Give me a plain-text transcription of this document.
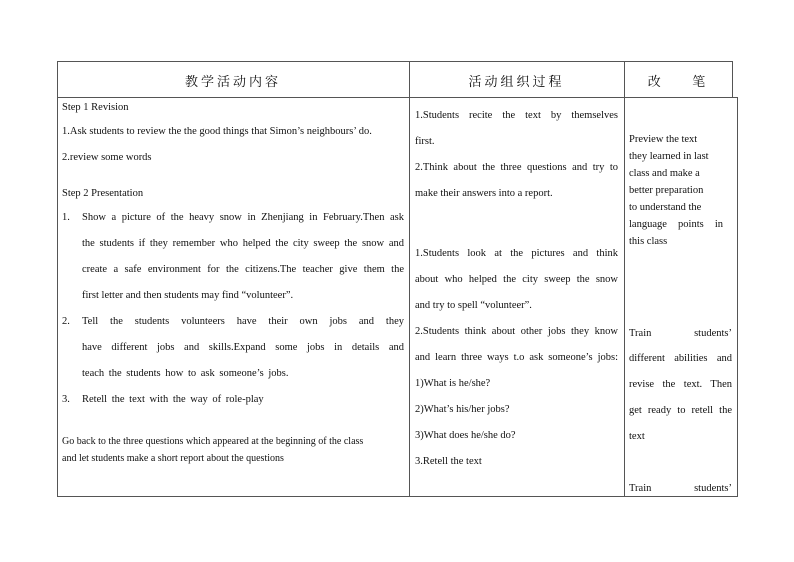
教学活动内容	活动组织过程	改    笔
Step 1 Revision
1.Ask students to review the the good things that Simon’s neighbours’ do.
2.review some words
Step 2 Presentation
1. Show a picture of the heavy snow in Zhenjiang in February.Then ask
the students if they remember who helped the city sweep the snow and
create a safe environment for the citizens.The teacher give them the
first letter and then students may find “volunteer”.
2. Tell the students volunteers have their own jobs and they
have different jobs and skills.Expand some jobs in details and
teach the students how to ask someone’s jobs.
3. Retell the text with the way of role-play
Go back to the three questions which appeared at the beginning of the class
and let students make a short report about the questions
1.Students recite the text by themselves
first.
2.Think about the three questions and try to
make their answers into a report.
1.Students look at the pictures and think
about who helped the city sweep the snow
and try to spell “volunteer”.
2.Students think about other jobs they know
and learn three ways t.o ask someone’s jobs:
1)What is he/she?
2)What’s his/her jobs?
3)What does he/she do?
3.Retell the text
Preview the text
they learned in last
class and make a
better preparation
to understand the
language points in
this class
Train students’
different abilities and
revise the text. Then
get ready to retell the
text
Train students’
